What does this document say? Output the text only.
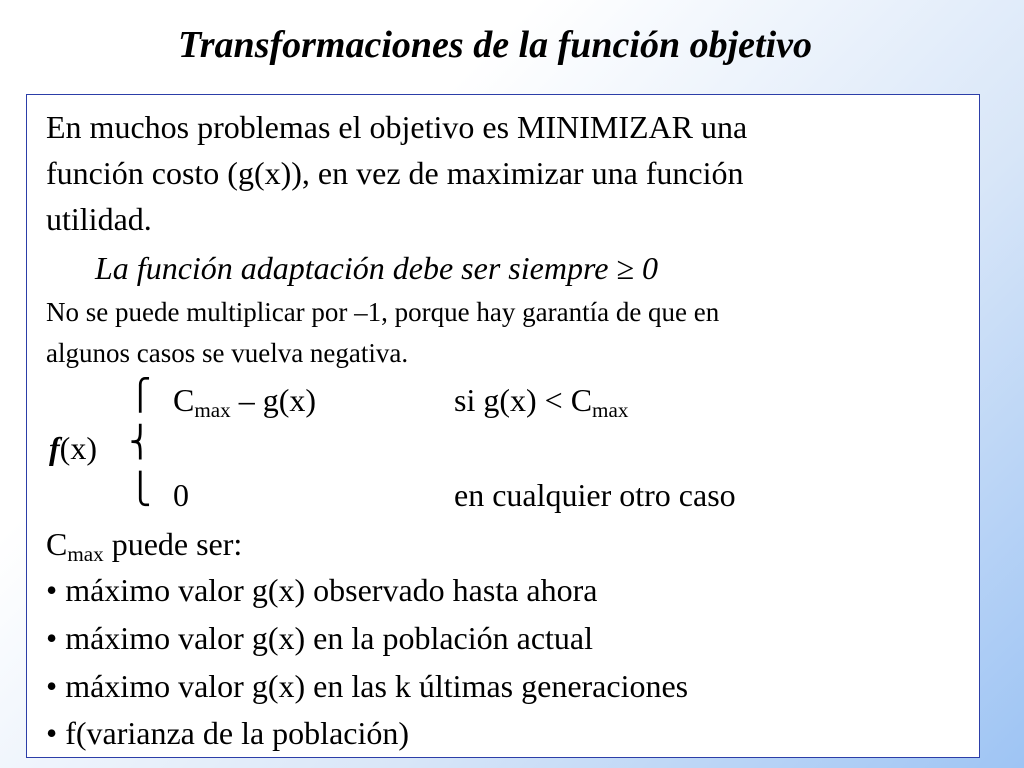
Transformaciones de la función objetivo
En muchos problemas el objetivo es MINIMIZAR una
función costo (g(x)), en vez de maximizar una función
utilidad.
La función adaptación debe ser siempre ≥ 0
No se puede multiplicar por –1, porque hay garantía de que en
algunos casos se vuelva negativa.
⎧
⎨
⎩
$C_{max} - g(x)$	si $g(x) < C_{max}$
f(x)
0	en cualquier otro caso
$C_{max}$ puede ser:
• máximo valor g(x) observado hasta ahora
• máximo valor g(x) en la población actual
• máximo valor g(x) en las k últimas generaciones
• f(varianza de la población)
